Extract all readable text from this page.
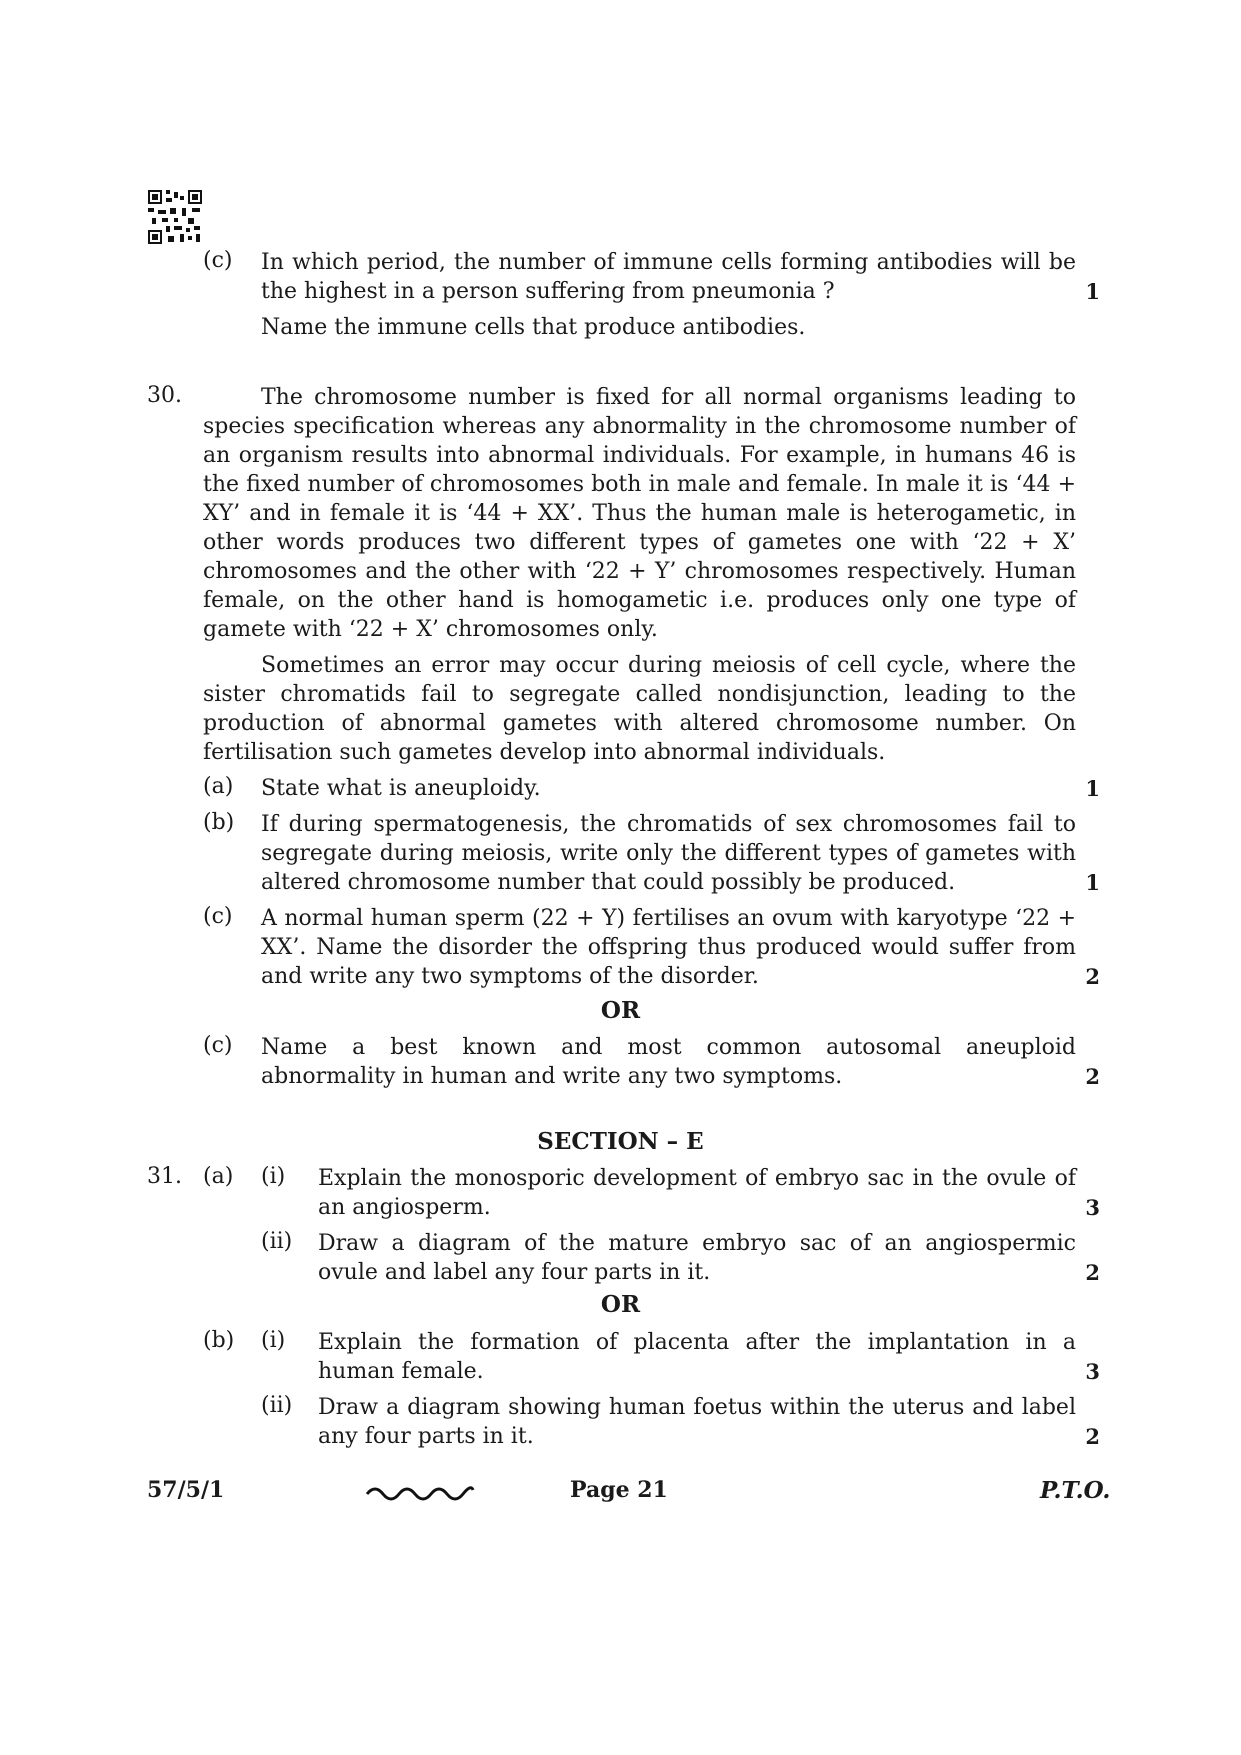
(c) In which period, the number of immune cells forming antibodies will be
the highest in a person suffering from pneumonia ?	1
Name the immune cells that produce antibodies.
30.	The chromosome number is fixed for all normal organisms leading to
species specification whereas any abnormality in the chromosome number of
an organism results into abnormal individuals. For example, in humans 46 is
the fixed number of chromosomes both in male and female. In male it is ‘44 +
XY’ and in female it is ‘44 + XX’. Thus the human male is heterogametic, in
other words produces two different types of gametes one with ‘22 + X’
chromosomes and the other with ‘22 + Y’ chromosomes respectively. Human
female, on the other hand is homogametic i.e. produces only one type of
gamete with ‘22 + X’ chromosomes only.
Sometimes an error may occur during meiosis of cell cycle, where the
sister chromatids fail to segregate called nondisjunction, leading to the
production of abnormal gametes with altered chromosome number. On
fertilisation such gametes develop into abnormal individuals.
(a) State what is aneuploidy.	1
(b) If during spermatogenesis, the chromatids of sex chromosomes fail to
segregate during meiosis, write only the different types of gametes with
altered chromosome number that could possibly be produced.	1
(c) A normal human sperm (22 + Y) fertilises an ovum with karyotype ‘22 +
XX’. Name the disorder the offspring thus produced would suffer from
and write any two symptoms of the disorder.	2
OR
(c) Name a best known and most common autosomal aneuploid
abnormality in human and write any two symptoms.	2
SECTION – E
31. (a) (i) Explain the monosporic development of embryo sac in the ovule of
an angiosperm.	3
(ii) Draw a diagram of the mature embryo sac of an angiospermic
ovule and label any four parts in it.	2
OR
(b) (i) Explain the formation of placenta after the implantation in a
human female.	3
(ii) Draw a diagram showing human foetus within the uterus and label
any four parts in it.	2
57/5/1	Page 21	P.T.O.
